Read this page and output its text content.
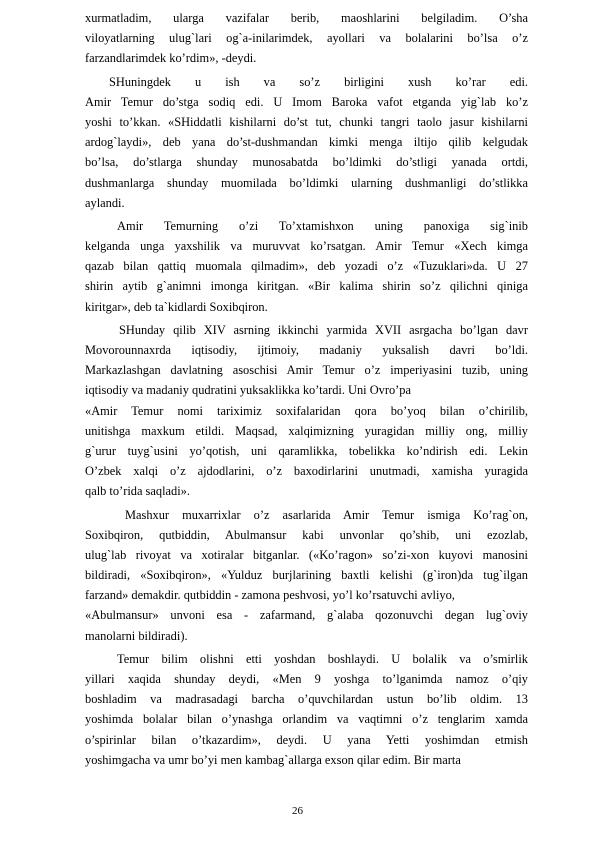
xurmatladim, ularga vazifalar berib, maoshlarini belgiladim. O’sha
viloyatlarning ulug`lari og`a-inilarimdek, ayollari va bolalarini bo’lsa o’z
farzandlarimdek ko’rdim», -deydi.
SHuningdek u ish va so’z birligini xush ko’rar edi.
Amir Temur do’stga sodiq edi. U Imom Baroka vafot etganda yig`lab ko’z
yoshi to’kkan. «SHiddatli kishilarni do’st tut, chunki tangri taolo jasur kishilarni
ardog`laydi», deb yana do’st-dushmandan kimki menga iltijo qilib kelgudak
bo’lsa, do’stlarga shunday munosabatda bo’ldimki do’stligi yanada ortdi,
dushmanlarga shunday muomilada bo’ldimki ularning dushmanligi do’stlikka
aylandi.
Amir Temurning o’zi To’xtamishxon uning panoxiga sig`inib
kelganda unga yaxshilik va muruvvat ko’rsatgan. Amir Temur «Xech kimga
qazab bilan qattiq muomala qilmadim», deb yozadi o’z «Tuzuklari»da. U 27
shirin aytib g`animni imonga kiritgan. «Bir kalima shirin so’z qilichni qiniga
kiritgar», deb ta`kidlardi Soxibqiron.
SHunday qilib XIV asrning ikkinchi yarmida XVII asrgacha bo’lgan davr
Movorounnaxrda iqtisodiy, ijtimoiy, madaniy yuksalish davri bo’ldi.
Markazlashgan davlatning asoschisi Amir Temur o’z imperiyasini tuzib, uning
iqtisodiy va madaniy qudratini yuksaklikka ko’tardi. Uni Ovro’pa
«Amir Temur nomi tariximiz soxifalaridan qora bo’yoq bilan o’chirilib,
unitishga maxkum etildi. Maqsad, xalqimizning yuragidan milliy ong, milliy
g`urur tuyg`usini yo’qotish, uni qaramlikka, tobelikka ko’ndirish edi. Lekin
O’zbek xalqi o’z ajdodlarini, o’z baxodirlarini unutmadi, xamisha yuragida
qalb to’rida saqladi».
Mashxur muxarrixlar o’z asarlarida Amir Temur ismiga Ko’rag`on,
Soxibqiron, qutbiddin, Abulmansur kabi unvonlar qo’shib, uni ezozlab,
ulug`lab rivoyat va xotiralar bitganlar. («Ko’ragon» so’zi-xon kuyovi manosini
bildiradi, «Soxibqiron», «Yulduz burjlarining baxtli kelishi (g`iron)da tug`ilgan
farzand» demakdir. qutbiddin - zamona peshvosi, yo’l ko’rsatuvchi avliyo,
«Abulmansur» unvoni esa - zafarmand, g`alaba qozonuvchi degan lug`oviy
manolarni bildiradi).
Temur bilim olishni etti yoshdan boshlaydi. U bolalik va o’smirlik
yillari xaqida shunday deydi, «Men 9 yoshga to’lganimda namoz o’qiy
boshladim va madrasadagi barcha o’quvchilardan ustun bo’lib oldim. 13
yoshimda bolalar bilan o’ynashga orlandim va vaqtimni o’z tenglarim xamda
o’spirinlar bilan o’tkazardim», deydi. U yana Yetti yoshimdan etmish
yoshimgacha va umr bo’yi men kambag`allarga exson qilar edim. Bir marta
26
